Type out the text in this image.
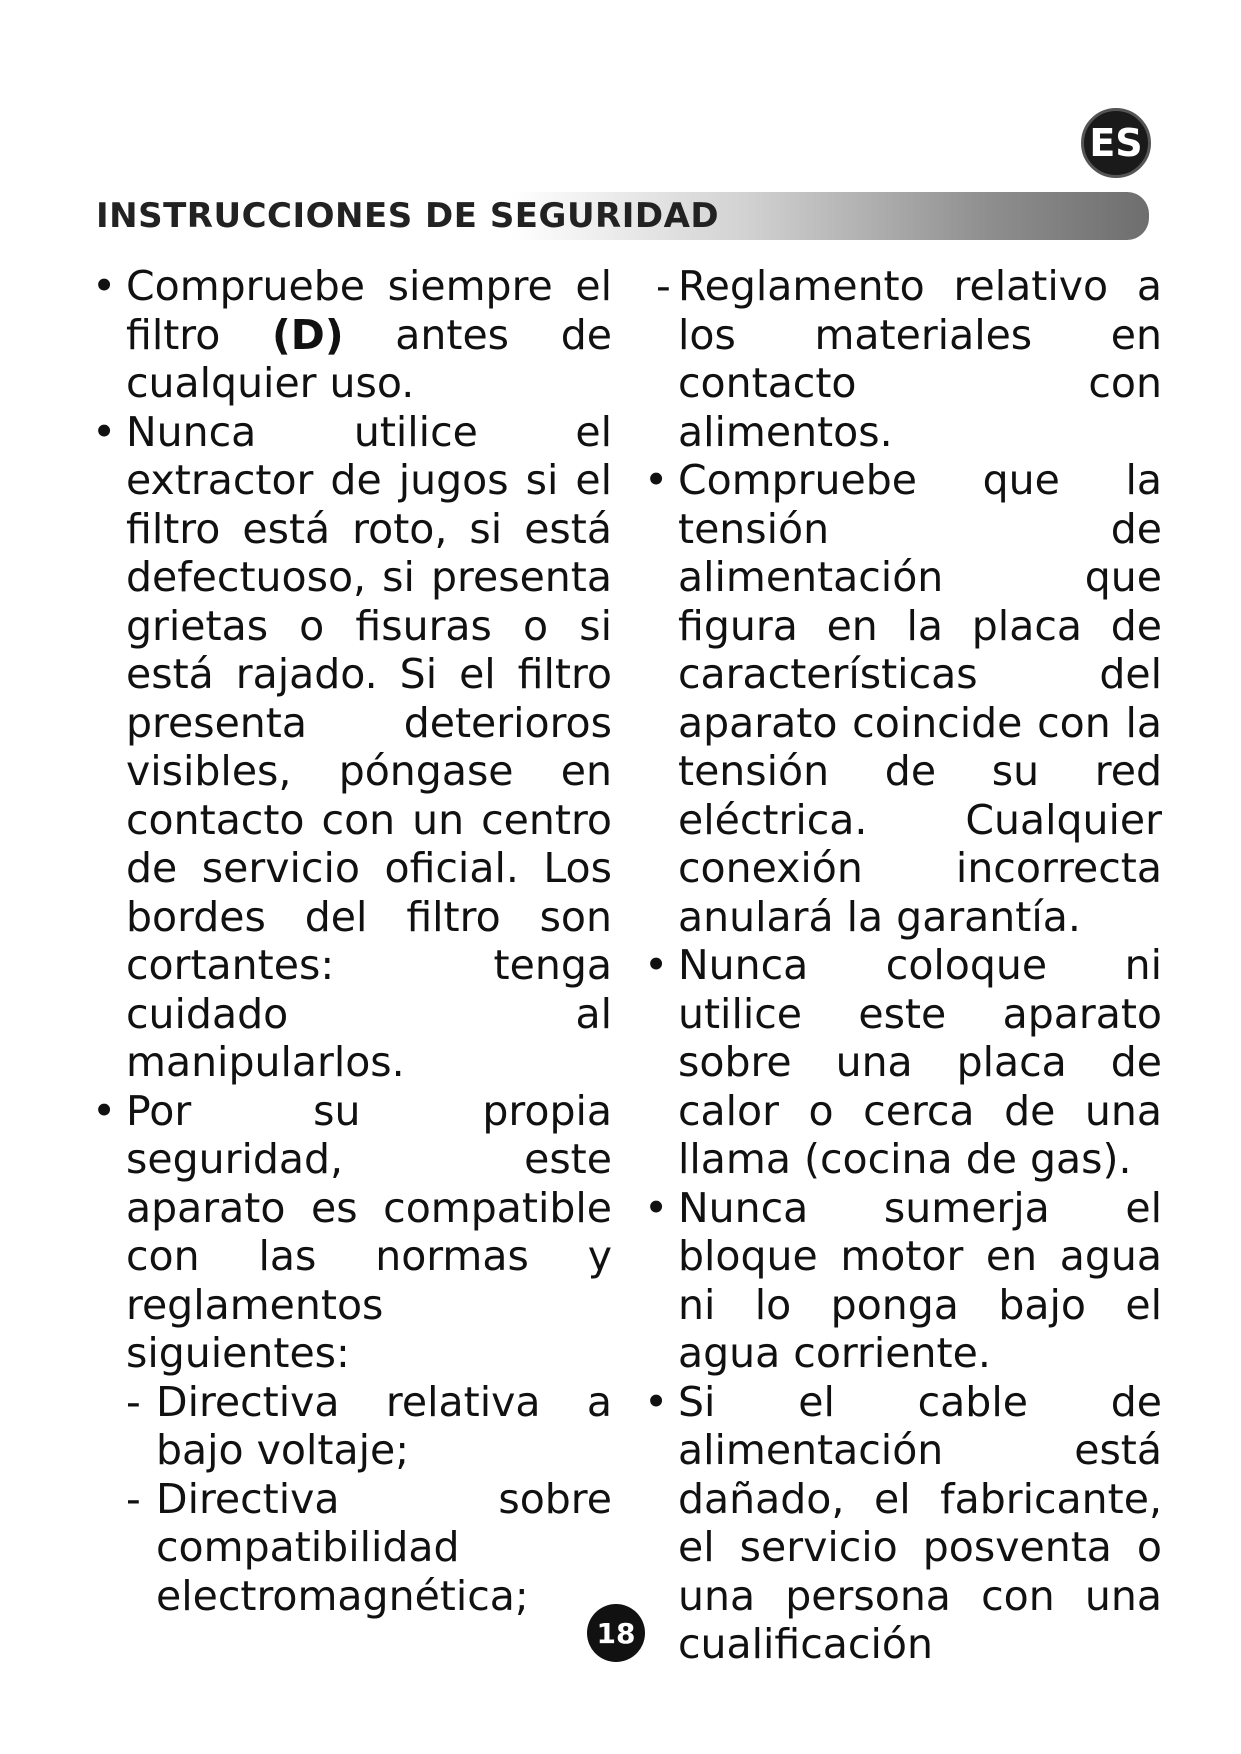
ES
INSTRUCCIONES DE SEGURIDAD
• Compruebe siempre el filtro (D) antes de cualquier uso.
• Nunca utilice el extractor de jugos si el filtro está roto, si está defectuoso, si presenta grietas o fisuras o si está rajado. Si el filtro presenta deterioros visibles, póngase en contacto con un centro de servicio oficial. Los bordes del filtro son cortantes: tenga cuidado al manipularlos.
• Por su propia seguridad, este aparato es compatible con las normas y reglamentos siguientes:
- Directiva relativa a bajo voltaje;
- Directiva sobre compatibilidad electromagnética;
- Reglamento relativo a los materiales en contacto con alimentos.
• Compruebe que la tensión de alimentación que figura en la placa de características del aparato coincide con la tensión de su red eléctrica. Cualquier conexión incorrecta anulará la garantía.
• Nunca coloque ni utilice este aparato sobre una placa de calor o cerca de una llama (cocina de gas).
• Nunca sumerja el bloque motor en agua ni lo ponga bajo el agua corriente.
• Si el cable de alimentación está dañado, el fabricante, el servicio posventa o una persona con una cualificación
18
